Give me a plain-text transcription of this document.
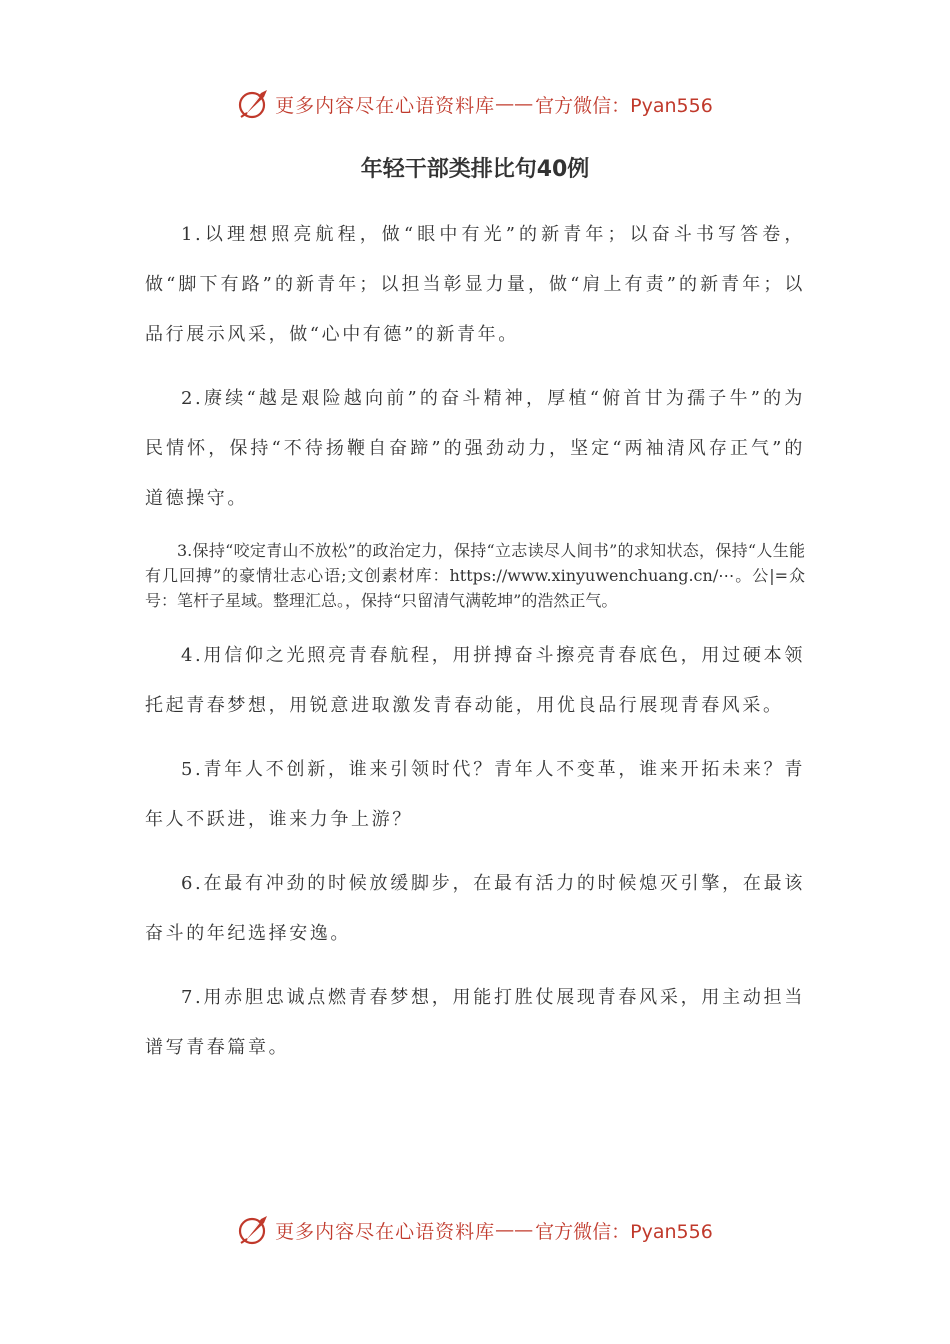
更多内容尽在心语资料库 —— 官方微信：Pyan556
年轻干部类排比句40例

1.以理想照亮航程，做“眼中有光”的新青年；以奋斗书写答卷，做“脚下有路”的新青年；以担当彰显力量，做“肩上有责”的新青年；以品行展示风采，做“心中有德”的新青年。

2.赓续“越是艰险越向前”的奋斗精神，厚植“俯首甘为孺子牛”的为民情怀，保持“不待扬鞭自奋蹄”的强劲动力，坚定“两袖清风存正气”的道德操守。

3.保持“咬定青山不放松”的政治定力，保持“立志读尽人间书”的求知状态，保持“人生能有几回搏”的豪情壮志心语;文创素材库：https://www.xinyuwenchuang.cn/⋯。公|=众号：笔杆子星域。整理汇总。，保持“只留清气满乾坤”的浩然正气。

4.用信仰之光照亮青春航程，用拼搏奋斗擦亮青春底色，用过硬本领托起青春梦想，用锐意进取激发青春动能，用优良品行展现青春风采。

5.青年人不创新，谁来引领时代？青年人不变革，谁来开拓未来？青年人不跃进，谁来力争上游？

6.在最有冲劲的时候放缓脚步，在最有活力的时候熄灭引擎，在最该奋斗的年纪选择安逸。

7.用赤胆忠诚点燃青春梦想，用能打胜仗展现青春风采，用主动担当谱写青春篇章。

更多内容尽在心语资料库 —— 官方微信：Pyan556
